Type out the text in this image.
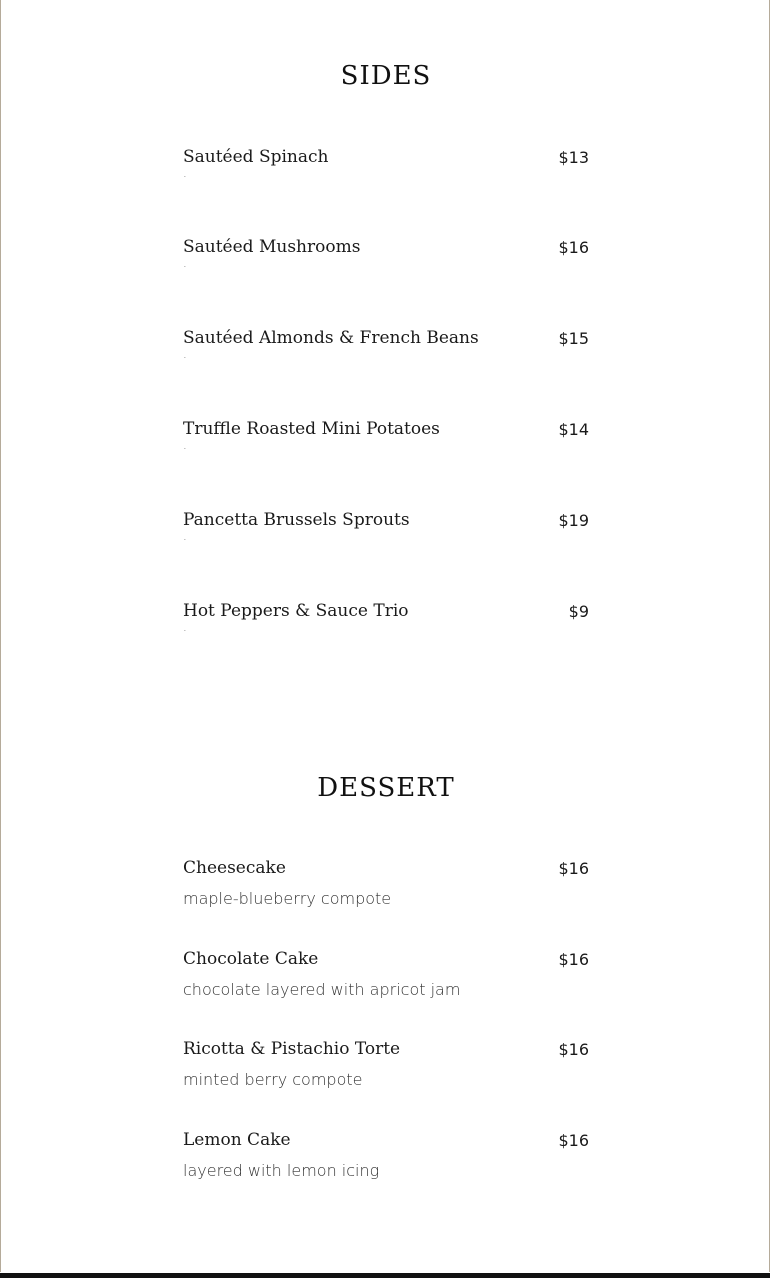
SIDES
Sautéed Spinach	$13
.
Sautéed Mushrooms	$16
.
Sautéed Almonds & French Beans	$15
.
Truffle Roasted Mini Potatoes	$14
.
Pancetta Brussels Sprouts	$19
.
Hot Peppers & Sauce Trio	$9
.
DESSERT
Cheesecake	$16
maple-blueberry compote
Chocolate Cake	$16
chocolate layered with apricot jam
Ricotta & Pistachio Torte	$16
minted berry compote
Lemon Cake	$16
layered with lemon icing
